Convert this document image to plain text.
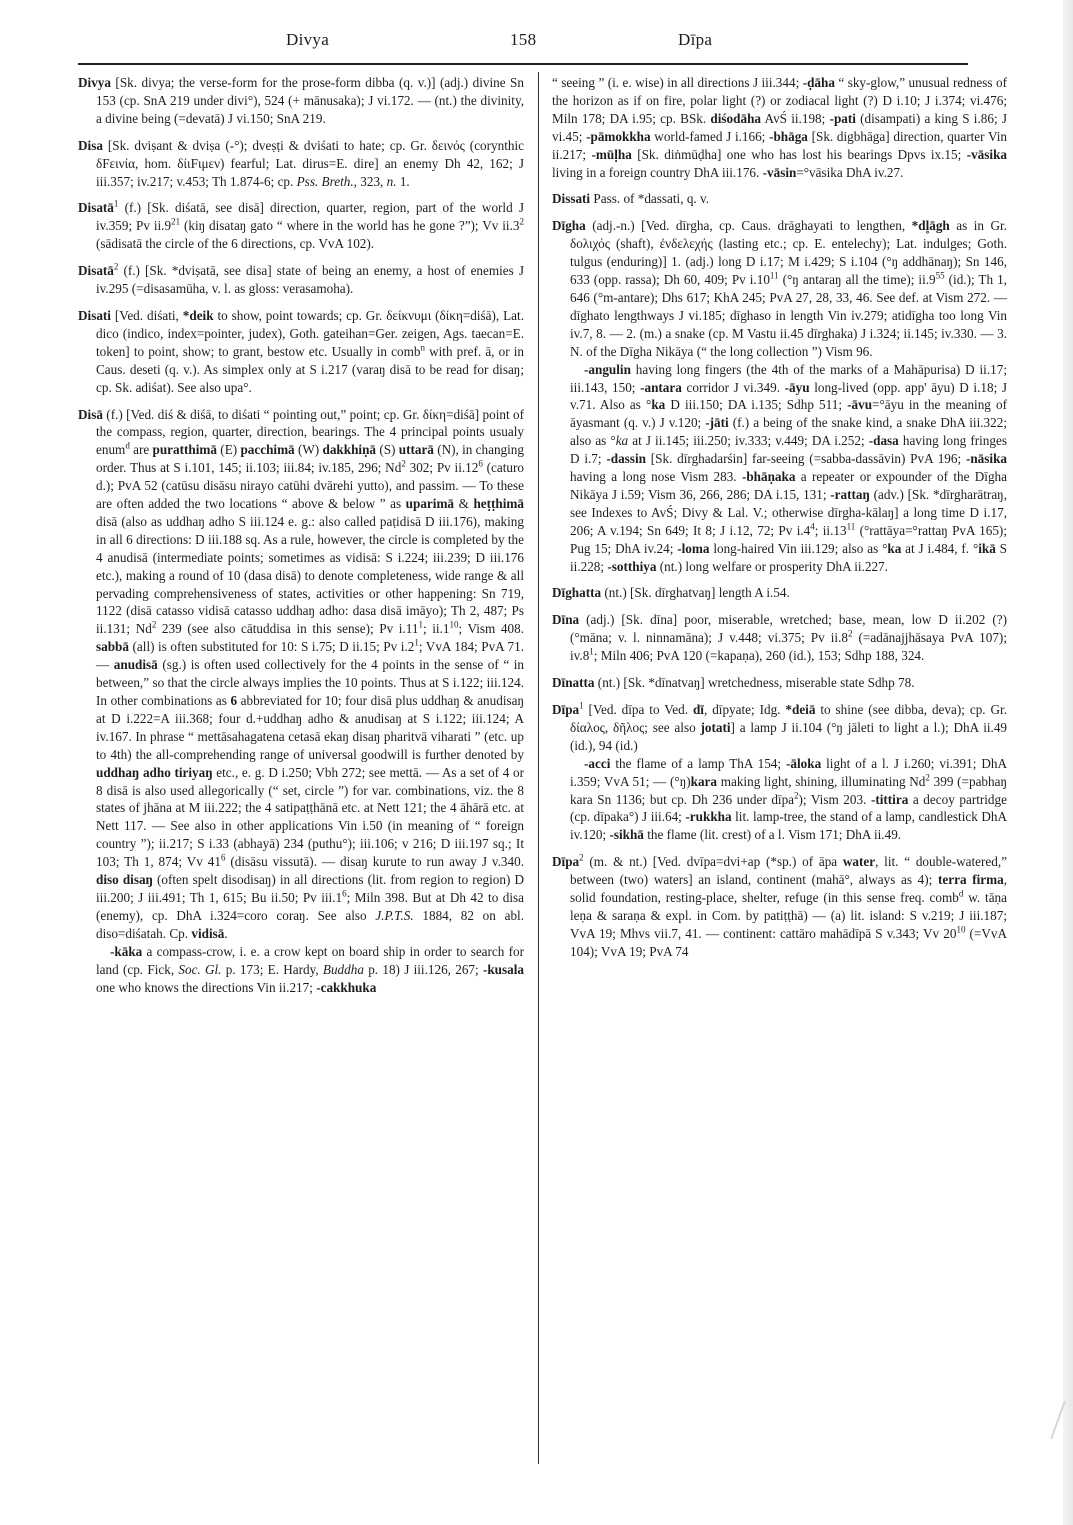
Divya	158	Dīpa
Divya [Sk. divya; the verse-form for the prose-form dibba (q. v.)] (adj.) divine Sn 153 (cp. SnA 219 under divi°), 524 (+ mānusaka); J vi.172. — (nt.) the divinity, a divine being (=devatā) J vi.150; SnA 219.
Disa [Sk. dviṣant & dviṣa (-°); dveṣṭi & dviśati to hate; cp. Gr. δεινός (corynthic δFεινία, hom. δίιFιμεν) fearful; Lat. dirus=E. dire] an enemy Dh 42, 162; J iii.357; iv.217; v.453; Th 1.874-6; cp. Pss. Breth., 323, n. 1.
Disatā$^1$ (f.) [Sk. diśatā, see disā] direction, quarter, region, part of the world J iv.359; Pv $ii.9^{21}$ (kiŋ disataŋ gato “ where in the world has he gone ?”); Vv $ii.3^2$ (sādisatā the circle of the 6 directions, cp. VvA 102).
Disatā$^2$ (f.) [Sk. *dviṣatā, see disa] state of being an enemy, a host of enemies J iv.295 (=disasamūha, v. l. as gloss: verasamoha).
Disati [Ved. diśati, *deik to show, point towards; cp. Gr. δείκνυμι (δίκη=diśā), Lat. dico (indico, index=pointer, judex), Goth. gateihan=Ger. zeigen, Ags. taecan=E. token] to point, show; to grant, bestow etc. Usually in comb$^n$ with pref. ā, or in Caus. deseti (q. v.). As simplex only at S i.217 (varaŋ disā to be read for disaŋ; cp. Sk. adiśat). See also upa°.
Disā (f.) [Ved. diś & diśā, to diśati “ pointing out,” point; cp. Gr. δίκη=diśā] point of the compass, region, quarter, direction, bearings. The 4 principal points usualy enum$^d$ are puratthimā (E) pacchimā (W) dakkhiṇā (S) uttarā (N), in changing order. Thus at S i.101, 145; ii.103; iii.84; iv.185, 296; Nd$^2$ 302; Pv $ii.12^6$ (caturo d.); PvA 52 (catūsu disāsu nirayo catūhi dvārehi yutto), and passim. — To these are often added the two locations “ above & below ” as uparimā & heṭṭhimā disā (also as uddhaŋ adho S iii.124 e. g.: also called paṭidisā D iii.176), making in all 6 directions: D iii.188 sq. As a rule, however, the circle is completed by the 4 anudisā (intermediate points; sometimes as vidisā: S i.224; iii.239; D iii.176 etc.), making a round of 10 (dasa disā) to denote completeness, wide range & all pervading comprehensiveness of states, activities or other happening: Sn 719, 1122 (disā catasso vidisā catasso uddhaŋ adho: dasa disā imāyo); Th 2, 487; Ps ii.131; Nd$^2$ 239 (see also cātuddisa in this sense); Pv $i.11^1$; $ii.1^{10}$; Vism 408. sabbā (all) is often substituted for 10: S i.75; D ii.15; Pv $i.2^1$; VvA 184; PvA 71. — anudisā (sg.) is often used collectively for the 4 points in the sense of “ in between,” so that the circle always implies the 10 points. Thus at S i.122; iii.124. In other combinations as 6 abbreviated for 10; four disā plus uddhaŋ & anudisaŋ at D i.222=A iii.368; four d.+uddhaŋ adho & anudisaŋ at S i.122; iii.124; A iv.167. In phrase “ mettāsahagatena cetasā ekaŋ disaŋ pharitvā viharati ” (etc. up to 4th) the all-comprehending range of universal goodwill is further denoted by uddhaŋ adho tiriyaŋ etc., e. g. D i.250; Vbh 272; see mettā. — As a set of 4 or 8 disā is also used allegorically (“ set, circle ”) for var. combinations, viz. the 8 states of jhāna at M iii.222; the 4 satipaṭṭhānā etc. at Nett 121; the 4 āhārā etc. at Nett 117. — See also in other applications Vin i.50 (in meaning of “ foreign country ”); ii.217; S i.33 (abhayā) 234 (puthu°); iii.106; v 216; D iii.197 sq.; It 103; Th 1, 874; Vv $41^6$ (disāsu vissutā). — disaŋ kurute to run away J v.340. diso disaŋ (often spelt disodisaŋ) in all directions (lit. from region to region) D iii.200; J iii.491; Th 1, 615; Bu ii.50; Pv $iii.1^6$; Miln 398. But at Dh 42 to disa (enemy), cp. DhA i.324=coro coraŋ. See also J.P.T.S. 1884, 82 on abl. diso=diśatah. Cp. vidisā.
-kāka a compass-crow, i. e. a crow kept on board ship in order to search for land (cp. Fick, Soc. Gl. p. 173; E. Hardy, Buddha p. 18) J iii.126, 267; -kusala one who knows the directions Vin ii.217; -cakkhuka
“ seeing ” (i. e. wise) in all directions J iii.344; -ḍāha “ sky-glow,” unusual redness of the horizon as if on fire, polar light (?) or zodiacal light (?) D i.10; J i.374; vi.476; Miln 178; DA i.95; cp. BSk. diśodāha AvŚ ii.198; -pati (disampati) a king S i.86; J vi.45; -pāmokkha world-famed J i.166; -bhāga [Sk. digbhāga] direction, quarter Vin ii.217; -mūḷha [Sk. diṅmūḍha] one who has lost his bearings Dpvs ix.15; -vāsika living in a foreign country DhA iii.176. -vāsin=°vāsika DhA iv.27.
Dissati Pass. of *dassati, q. v.
Dīgha (adj.-n.) [Ved. dīrgha, cp. Caus. drāghayati to lengthen, *dl̥āgh as in Gr. δολιχός (shaft), ἐνδελεχής (lasting etc.; cp. E. entelechy); Lat. indulges; Goth. tulgus (enduring)] 1. (adj.) long D i.17; M i.429; S i.104 (°ŋ addhānaŋ); Sn 146, 633 (opp. rassa); Dh 60, 409; Pv $i.10^{11}$ (°ŋ antaraŋ all the time); $ii.9^{55}$ (id.); Th 1, 646 (°m-antare); Dhs 617; KhA 245; PvA 27, 28, 33, 46. See def. at Vism 272. — dīghato lengthways J vi.185; dīghaso in length Vin iv.279; atidīgha too long Vin iv.7, 8. — 2. (m.) a snake (cp. M Vastu ii.45 dīrghaka) J i.324; ii.145; iv.330. — 3. N. of the Dīgha Nikāya (“ the long collection ”) Vism 96.
-angulin having long fingers (the 4th of the marks of a Mahāpurisa) D ii.17; iii.143, 150; -antara corridor J vi.349. -āyu long-lived (opp. app' āyu) D i.18; J v.71. Also as °ka D iii.150; DA i.135; Sdhp 511; -āvu=°āyu in the meaning of āyasmant (q. v.) J v.120; -jāti (f.) a being of the snake kind, a snake DhA iii.322; also as °ka at J ii.145; iii.250; iv.333; v.449; DA i.252; -dasa having long fringes D i.7; -dassin [Sk. dīrghadarśin] far-seeing (=sabba-dassāvin) PvA 196; -nāsika having a long nose Vism 283. -bhāṇaka a repeater or expounder of the Dīgha Nikāya J i.59; Vism 36, 266, 286; DA i.15, 131; -rattaŋ (adv.) [Sk. *dīrgharātraŋ, see Indexes to AvŚ; Divy & Lal. V.; otherwise dīrgha-kālaŋ] a long time D i.17, 206; A v.194; Sn 649; It 8; J i.12, 72; Pv $i.4^4$; $ii.13^{11}$ (°rattāya=°rattaŋ PvA 165); Pug 15; DhA iv.24; -loma long-haired Vin iii.129; also as °ka at J i.484, f. °ikā S ii.228; -sotthiya (nt.) long welfare or prosperity DhA ii.227.
Dīghatta (nt.) [Sk. dīrghatvaŋ] length A i.54.
Dīna (adj.) [Sk. dīna] poor, miserable, wretched; base, mean, low D ii.202 (?) (°māna; v. l. ninnamāna); J v.448; vi.375; Pv $ii.8^2$ (=adānajjhāsaya PvA 107); $iv.8^1$; Miln 406; PvA 120 (=kapaṇa), 260 (id.), 153; Sdhp 188, 324.
Dīnatta (nt.) [Sk. *dīnatvaŋ] wretchedness, miserable state Sdhp 78.
Dīpa$^1$ [Ved. dīpa to Ved. dī, dīpyate; Idg. *deiā to shine (see dibba, deva); cp. Gr. δίαλος, δῆλος; see also jotati] a lamp J ii.104 (°ŋ jāleti to light a l.); DhA ii.49 (id.), 94 (id.)
-acci the flame of a lamp ThA 154; -āloka light of a l. J i.260; vi.391; DhA i.359; VvA 51; — (°ŋ)kara making light, shining, illuminating Nd$^2$ 399 (=pabhaŋ kara Sn 1136; but cp. Dh 236 under dīpa$^2$); Vism 203. -tittira a decoy partridge (cp. dīpaka°) J iii.64; -rukkha lit. lamp-tree, the stand of a lamp, candlestick DhA iv.120; -sikhā the flame (lit. crest) of a l. Vism 171; DhA ii.49.
Dīpa$^2$ (m. & nt.) [Ved. dvīpa=dvi+ap (*sp.) of āpa water, lit. “ double-watered,” between (two) waters] an island, continent (mahā°, always as 4); terra firma, solid foundation, resting-place, shelter, refuge (in this sense freq. comb$^d$ w. tāṇa leṇa & saraṇa & expl. in Com. by patiṭṭhā) — (a) lit. island: S v.219; J iii.187; VvA 19; Mhvs vii.7, 41. — continent: cattāro mahādīpā S v.343; Vv $20^{10}$ (=VvA 104); VvA 19; PvA 74
